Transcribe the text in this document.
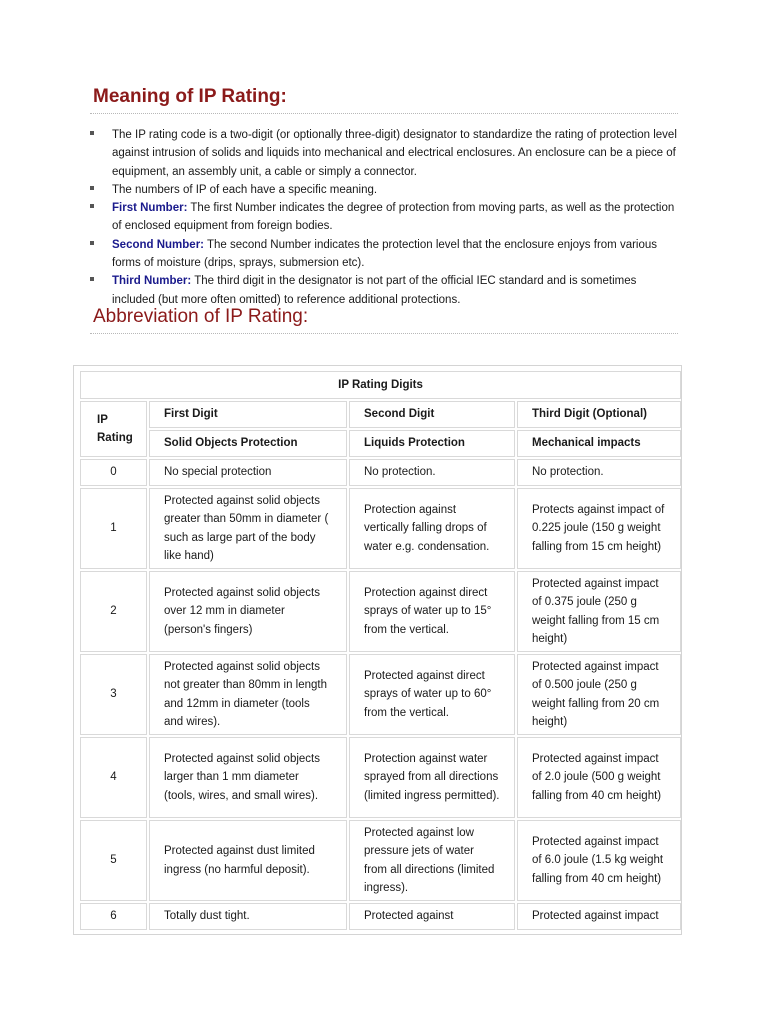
Meaning of IP Rating:
The IP rating code is a two-digit (or optionally three-digit) designator to standardize the rating of protection level against intrusion of solids and liquids into mechanical and electrical enclosures. An enclosure can be a piece of equipment, an assembly unit, a cable or simply a connector.
The numbers of IP of each have a specific meaning.
First Number: The first Number indicates the degree of protection from moving parts, as well as the protection of enclosed equipment from foreign bodies.
Second Number: The second Number indicates the protection level that the enclosure enjoys from various forms of moisture (drips, sprays, submersion etc).
Third Number: The third digit in the designator is not part of the official IEC standard and is sometimes included (but more often omitted) to reference additional protections.
Abbreviation of IP Rating:
IP Rating Digits			
IP Rating	First Digit	Second Digit	Third Digit (Optional)
	Solid Objects Protection	Liquids Protection	Mechanical impacts
0	No special protection	No protection.	No protection.
1	Protected against solid objects greater than 50mm in diameter ( such as large part of the body like hand)	Protection against vertically falling drops of water e.g. condensation.	Protects against impact of 0.225 joule (150 g weight falling from 15 cm height)
2	Protected against solid objects over 12 mm in diameter (person's fingers)	Protection against direct sprays of water up to 15° from the vertical.	Protected against impact of 0.375 joule (250 g weight falling from 15 cm height)
3	Protected against solid objects not greater than 80mm in length and 12mm in diameter (tools and wires).	Protected against direct sprays of water up to 60° from the vertical.	Protected against impact of 0.500 joule (250 g weight falling from 20 cm height)
4	Protected against solid objects larger than 1 mm diameter (tools, wires, and small wires).	Protection against water sprayed from all directions (limited ingress permitted).	Protected against impact of 2.0 joule (500 g weight falling from 40 cm height)
5	Protected against dust limited ingress (no harmful deposit).	Protected against low pressure jets of water from all directions (limited ingress).	Protected against impact of 6.0 joule (1.5 kg weight falling from 40 cm height)
6	Totally dust tight.	Protected against	Protected against impact
